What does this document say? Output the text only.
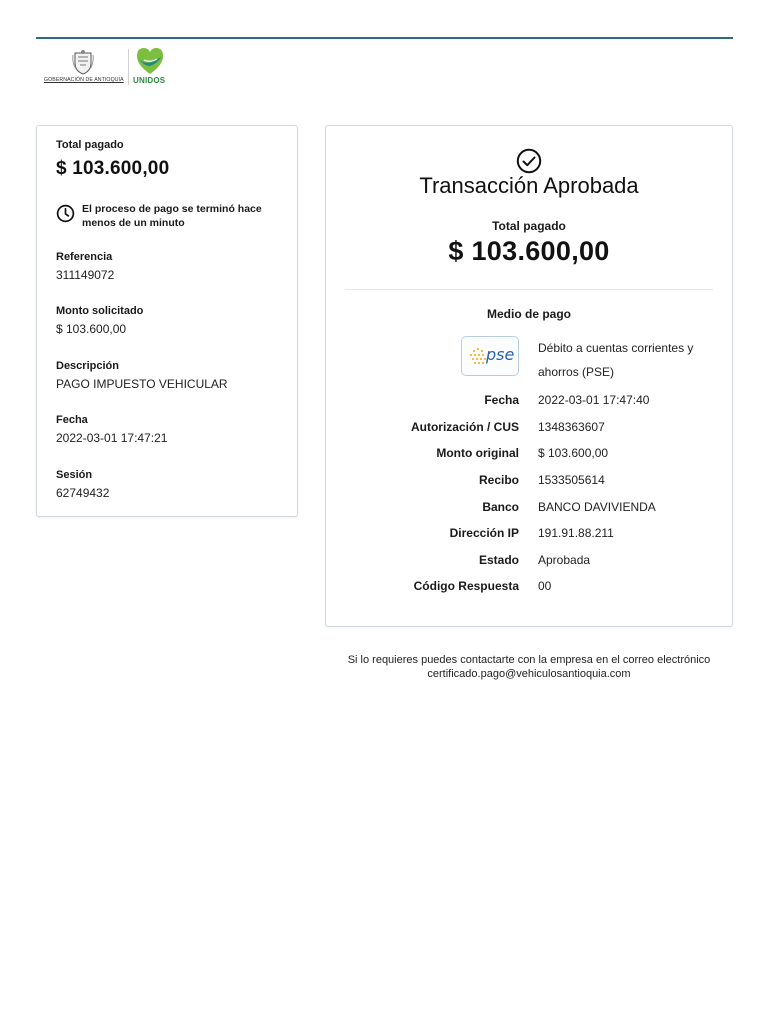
GOBERNACIÓN DE ANTIOQUIA UNIDOS
Total pagado
$ 103.600,00
El proceso de pago se terminó hace menos de un minuto
Referencia
311149072
Monto solicitado
$ 103.600,00
Descripción
PAGO IMPUESTO VEHICULAR
Fecha
2022-03-01 17:47:21
Sesión
62749432
Transacción Aprobada
Total pagado
$ 103.600,00
Medio de pago
pse Débito a cuentas corrientes y ahorros (PSE)
Fecha 2022-03-01 17:47:40
Autorización / CUS 1348363607
Monto original $ 103.600,00
Recibo 1533505614
Banco BANCO DAVIVIENDA
Dirección IP 191.91.88.211
Estado Aprobada
Código Respuesta 00
Si lo requieres puedes contactarte con la empresa en el correo electrónico
certificado.pago@vehiculosantioquia.com
